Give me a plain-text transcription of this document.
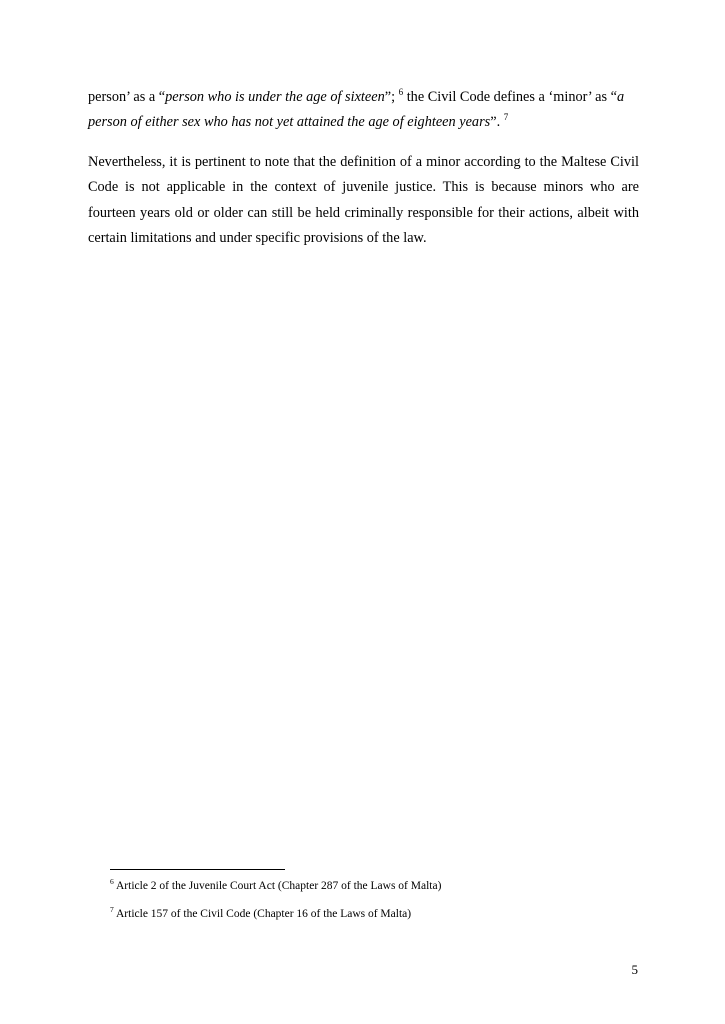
person’ as a “person who is under the age of sixteen”; $^6$ the Civil Code defines a ‘minor’ as “a person of either sex who has not yet attained the age of eighteen years”. $^7$

Nevertheless, it is pertinent to note that the definition of a minor according to the Maltese Civil Code is not applicable in the context of juvenile justice. This is because minors who are fourteen years old or older can still be held criminally responsible for their actions, albeit with certain limitations and under specific provisions of the law.

$^6$ Article 2 of the Juvenile Court Act (Chapter 287 of the Laws of Malta)

$^7$ Article 157 of the Civil Code (Chapter 16 of the Laws of Malta)

5
